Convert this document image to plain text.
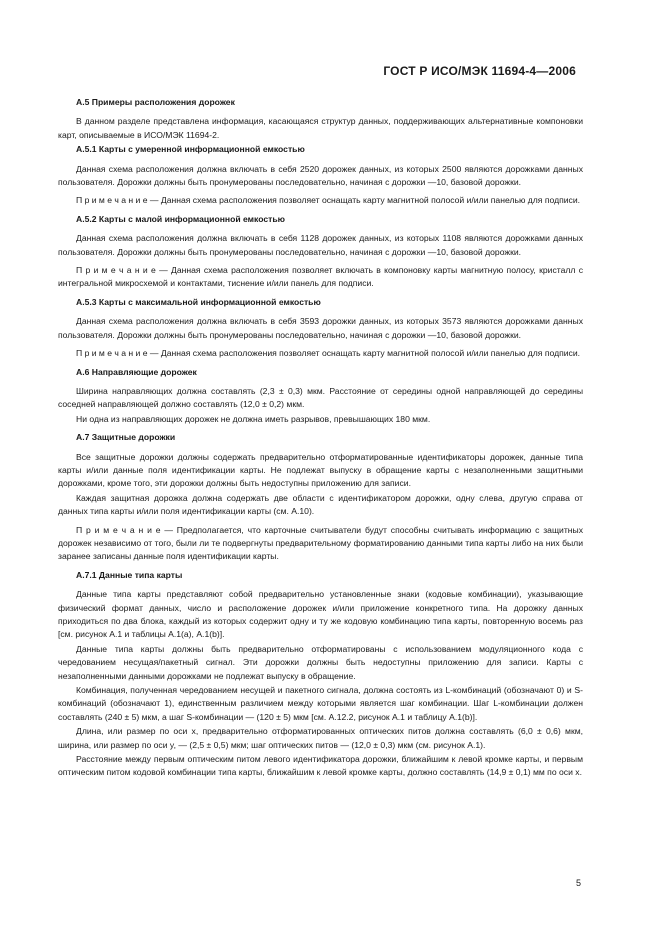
ГОСТ Р ИСО/МЭК 11694-4—2006
А.5 Примеры расположения дорожек

В данном разделе представлена информация, касающаяся структур данных, поддерживающих альтернативные компоновки карт, описываемые в ИСО/МЭК 11694-2.

А.5.1 Карты с умеренной информационной емкостью

Данная схема расположения должна включать в себя 2520 дорожек данных, из которых 2500 являются дорожками данных пользователя. Дорожки должны быть пронумерованы последовательно, начиная с дорожки —10, базовой дорожки.

П р и м е ч а н и е — Данная схема расположения позволяет оснащать карту магнитной полосой и/или панелью для подписи.

А.5.2 Карты с малой информационной емкостью

Данная схема расположения должна включать в себя 1128 дорожек данных, из которых 1108 являются дорожками данных пользователя. Дорожки должны быть пронумерованы последовательно, начиная с дорожки —10, базовой дорожки.

П р и м е ч а н и е — Данная схема расположения позволяет включать в компоновку карты магнитную полосу, кристалл с интегральной микросхемой и контактами, тиснение и/или панель для подписи.

А.5.3 Карты с максимальной информационной емкостью

Данная схема расположения должна включать в себя 3593 дорожки данных, из которых 3573 являются дорожками данных пользователя. Дорожки должны быть пронумерованы последовательно, начиная с дорожки —10, базовой дорожки.

П р и м е ч а н и е — Данная схема расположения позволяет оснащать карту магнитной полосой и/или панелью для подписи.

А.6 Направляющие дорожек

Ширина направляющих должна составлять (2,3 ± 0,3) мкм. Расстояние от середины одной направляющей до середины соседней направляющей должно составлять (12,0 ± 0,2) мкм.

Ни одна из направляющих дорожек не должна иметь разрывов, превышающих 180 мкм.

А.7 Защитные дорожки

Все защитные дорожки должны содержать предварительно отформатированные идентификаторы дорожек, данные типа карты и/или данные поля идентификации карты. Не подлежат выпуску в обращение карты с незаполненными защитными дорожками, кроме того, эти дорожки должны быть недоступны приложению для записи.

Каждая защитная дорожка должна содержать две области с идентификатором дорожки, одну слева, другую справа от данных типа карты и/или поля идентификации карты (см. А.10).

П р и м е ч а н и е — Предполагается, что карточные считыватели будут способны считывать информацию с защитных дорожек независимо от того, были ли те подвергнуты предварительному форматированию данными типа карты либо на них были заранее записаны данные поля идентификации карты.

А.7.1 Данные типа карты

Данные типа карты представляют собой предварительно установленные знаки (кодовые комбинации), указывающие физический формат данных, число и расположение дорожек и/или приложение конкретного типа. На дорожку данных приходиться по два блока, каждый из которых содержит одну и ту же кодовую комбинацию типа карты, повторенную восемь раз [см. рисунок А.1 и таблицы А.1(а), А.1(b)].

Данные типа карты должны быть предварительно отформатированы с использованием модуляционного кода с чередованием несущая/пакетный сигнал. Эти дорожки должны быть недоступны приложению для записи. Карты с незаполненными данными дорожками не подлежат выпуску в обращение.

Комбинация, полученная чередованием несущей и пакетного сигнала, должна состоять из L-комбинаций (обозначают 0) и S-комбинаций (обозначают 1), единственным различием между которыми является шаг комбинации. Шаг L-комбинации должен составлять (240 ± 5) мкм, а шаг S-комбинации — (120 ± 5) мкм [см. А.12.2, рисунок А.1 и таблицу А.1(b)].

Длина, или размер по оси x, предварительно отформатированных оптических питов должна составлять (6,0 ± 0,6) мкм, ширина, или размер по оси y, — (2,5 ± 0,5) мкм; шаг оптических питов — (12,0 ± 0,3) мкм (см. рисунок А.1).

Расстояние между первым оптическим питом левого идентификатора дорожки, ближайшим к левой кромке карты, и первым оптическим питом кодовой комбинации типа карты, ближайшим к левой кромке карты, должно составлять (14,9 ± 0,1) мм по оси x.

5
